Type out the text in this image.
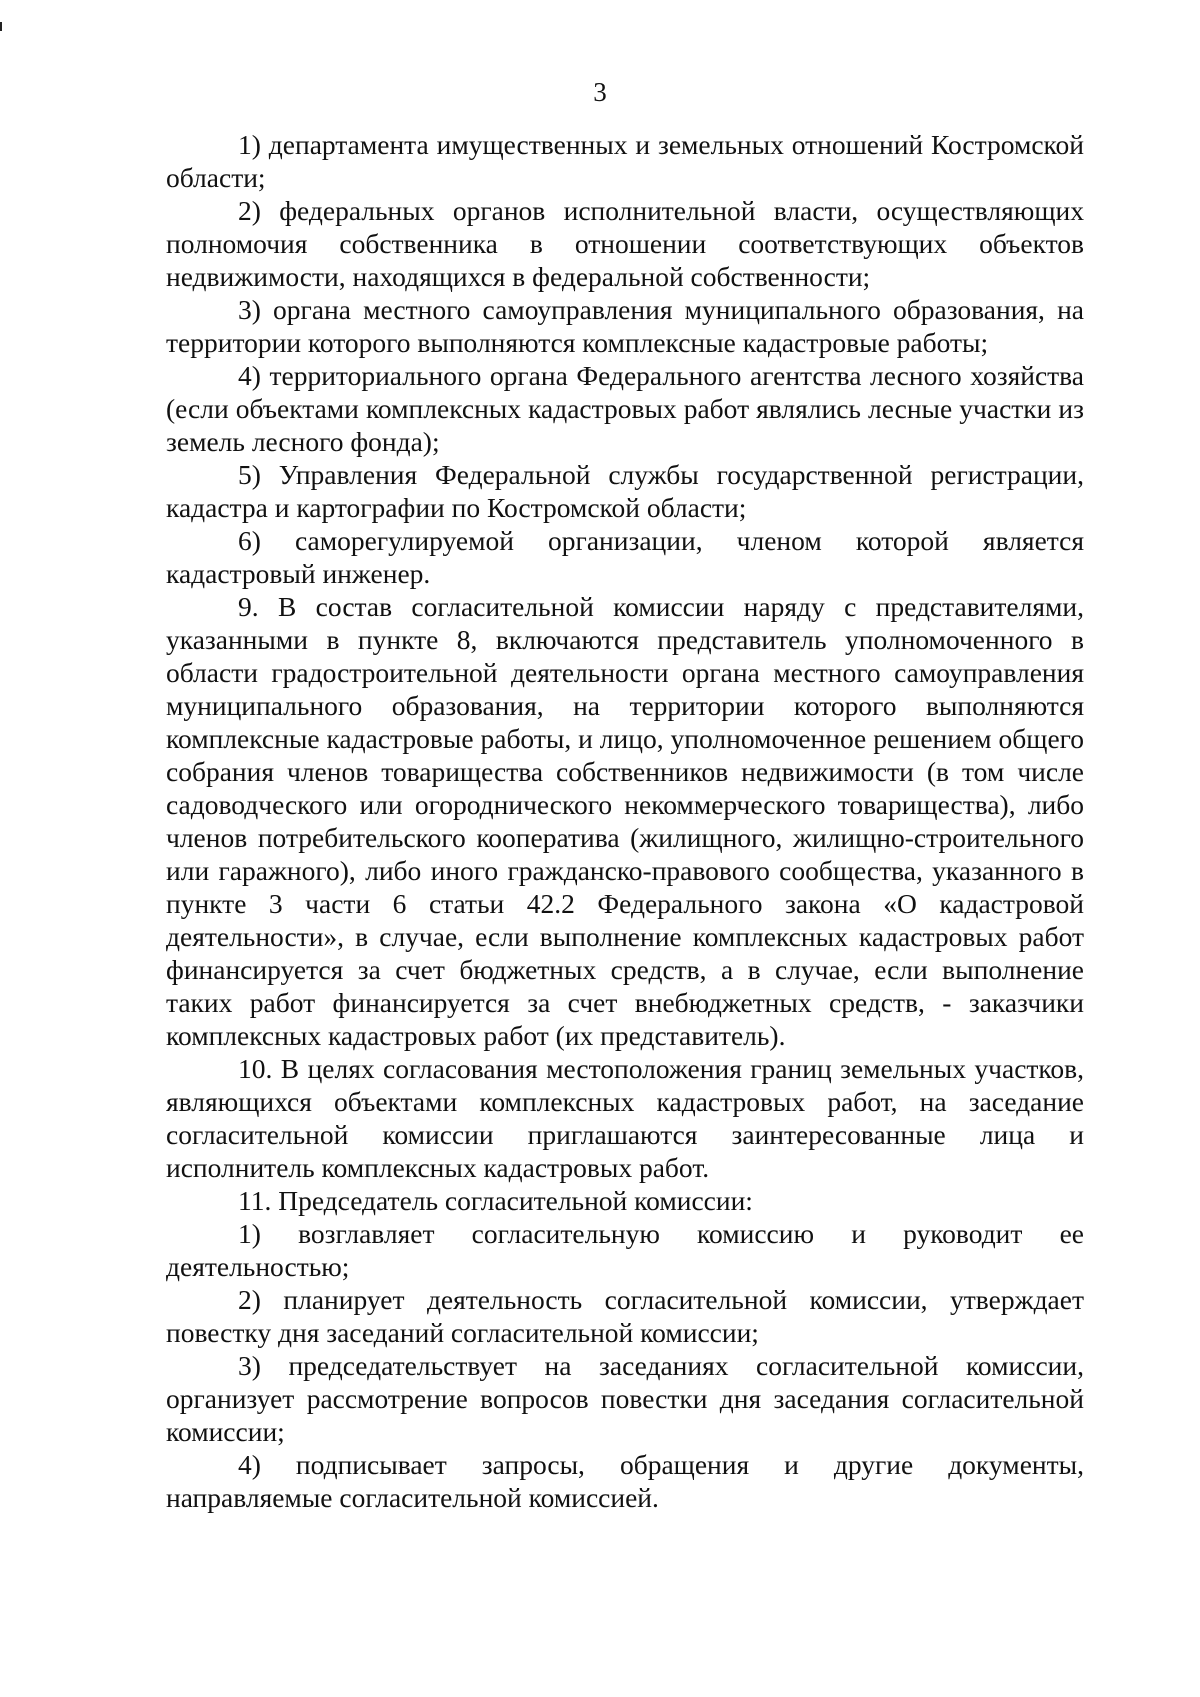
3

1) департамента имущественных и земельных отношений Костромской области;

2) федеральных органов исполнительной власти, осуществляющих полномочия собственника в отношении соответствующих объектов недвижимости, находящихся в федеральной собственности;

3) органа местного самоуправления муниципального образования, на территории которого выполняются комплексные кадастровые работы;

4) территориального органа Федерального агентства лесного хозяйства (если объектами комплексных кадастровых работ являлись лесные участки из земель лесного фонда);

5) Управления Федеральной службы государственной регистрации, кадастра и картографии по Костромской области;

6) саморегулируемой организации, членом которой является кадастровый инженер.

9. В состав согласительной комиссии наряду с представителями, указанными в пункте 8, включаются представитель уполномоченного в области градостроительной деятельности органа местного самоуправления муниципального образования, на территории которого выполняются комплексные кадастровые работы, и лицо, уполномоченное решением общего собрания членов товарищества собственников недвижимости (в том числе садоводческого или огороднического некоммерческого товарищества), либо членов потребительского кооператива (жилищного, жилищно-строительного или гаражного), либо иного гражданско-правового сообщества, указанного в пункте 3 части 6 статьи 42.2 Федерального закона «О кадастровой деятельности», в случае, если выполнение комплексных кадастровых работ финансируется за счет бюджетных средств, а в случае, если выполнение таких работ финансируется за счет внебюджетных средств, - заказчики комплексных кадастровых работ (их представитель).

10. В целях согласования местоположения границ земельных участков, являющихся объектами комплексных кадастровых работ, на заседание согласительной комиссии приглашаются заинтересованные лица и исполнитель комплексных кадастровых работ.

11. Председатель согласительной комиссии:

1) возглавляет согласительную комиссию и руководит ее деятельностью;

2) планирует деятельность согласительной комиссии, утверждает повестку дня заседаний согласительной комиссии;

3) председательствует на заседаниях согласительной комиссии, организует рассмотрение вопросов повестки дня заседания согласительной комиссии;

4) подписывает запросы, обращения и другие документы, направляемые согласительной комиссией.
